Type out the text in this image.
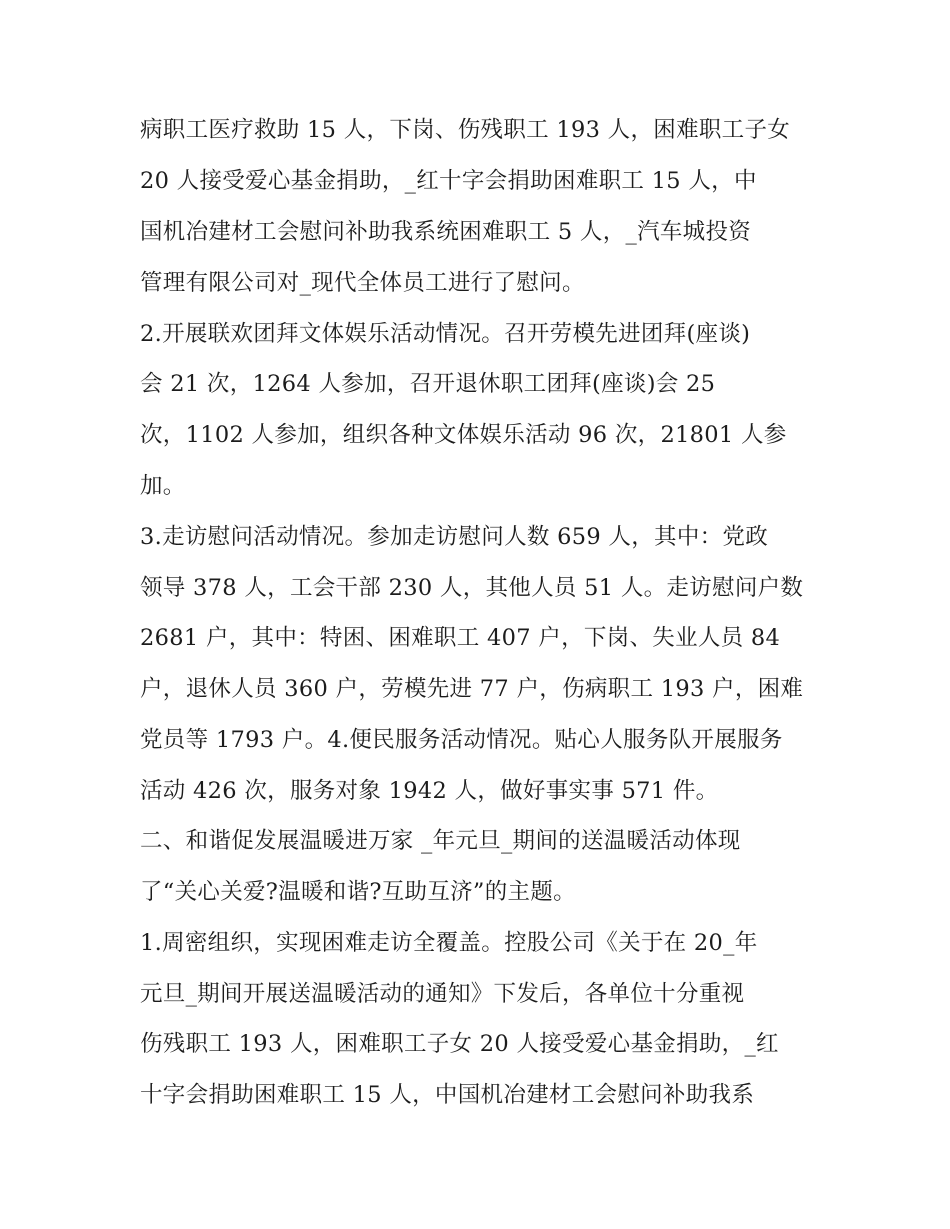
病职工医疗救助 15 人，下岗、伤残职工 193 人，困难职工子女

20 人接受爱心基金捐助，_红十字会捐助困难职工 15 人，中

国机冶建材工会慰问补助我系统困难职工 5 人，_汽车城投资

管理有限公司对_现代全体员工进行了慰问。

2.开展联欢团拜文体娱乐活动情况。召开劳模先进团拜(座谈)

会 21 次，1264 人参加，召开退休职工团拜(座谈)会 25

次，1102 人参加，组织各种文体娱乐活动 96 次，21801 人参

加。

3.走访慰问活动情况。参加走访慰问人数 659 人，其中：党政

领导 378 人，工会干部 230 人，其他人员 51 人。走访慰问户数

2681 户，其中：特困、困难职工 407 户，下岗、失业人员 84

户，退休人员 360 户，劳模先进 77 户，伤病职工 193 户，困难

党员等 1793 户。4.便民服务活动情况。贴心人服务队开展服务

活动 426 次，服务对象 1942 人，做好事实事 571 件。

二、和谐促发展温暖进万家 _年元旦_期间的送温暖活动体现

了“关心关爱?温暖和谐?互助互济”的主题。

1.周密组织，实现困难走访全覆盖。控股公司《关于在 20_年

元旦_期间开展送温暖活动的通知》下发后，各单位十分重视

伤残职工 193 人，困难职工子女 20 人接受爱心基金捐助，_红

十字会捐助困难职工 15 人，中国机冶建材工会慰问补助我系
